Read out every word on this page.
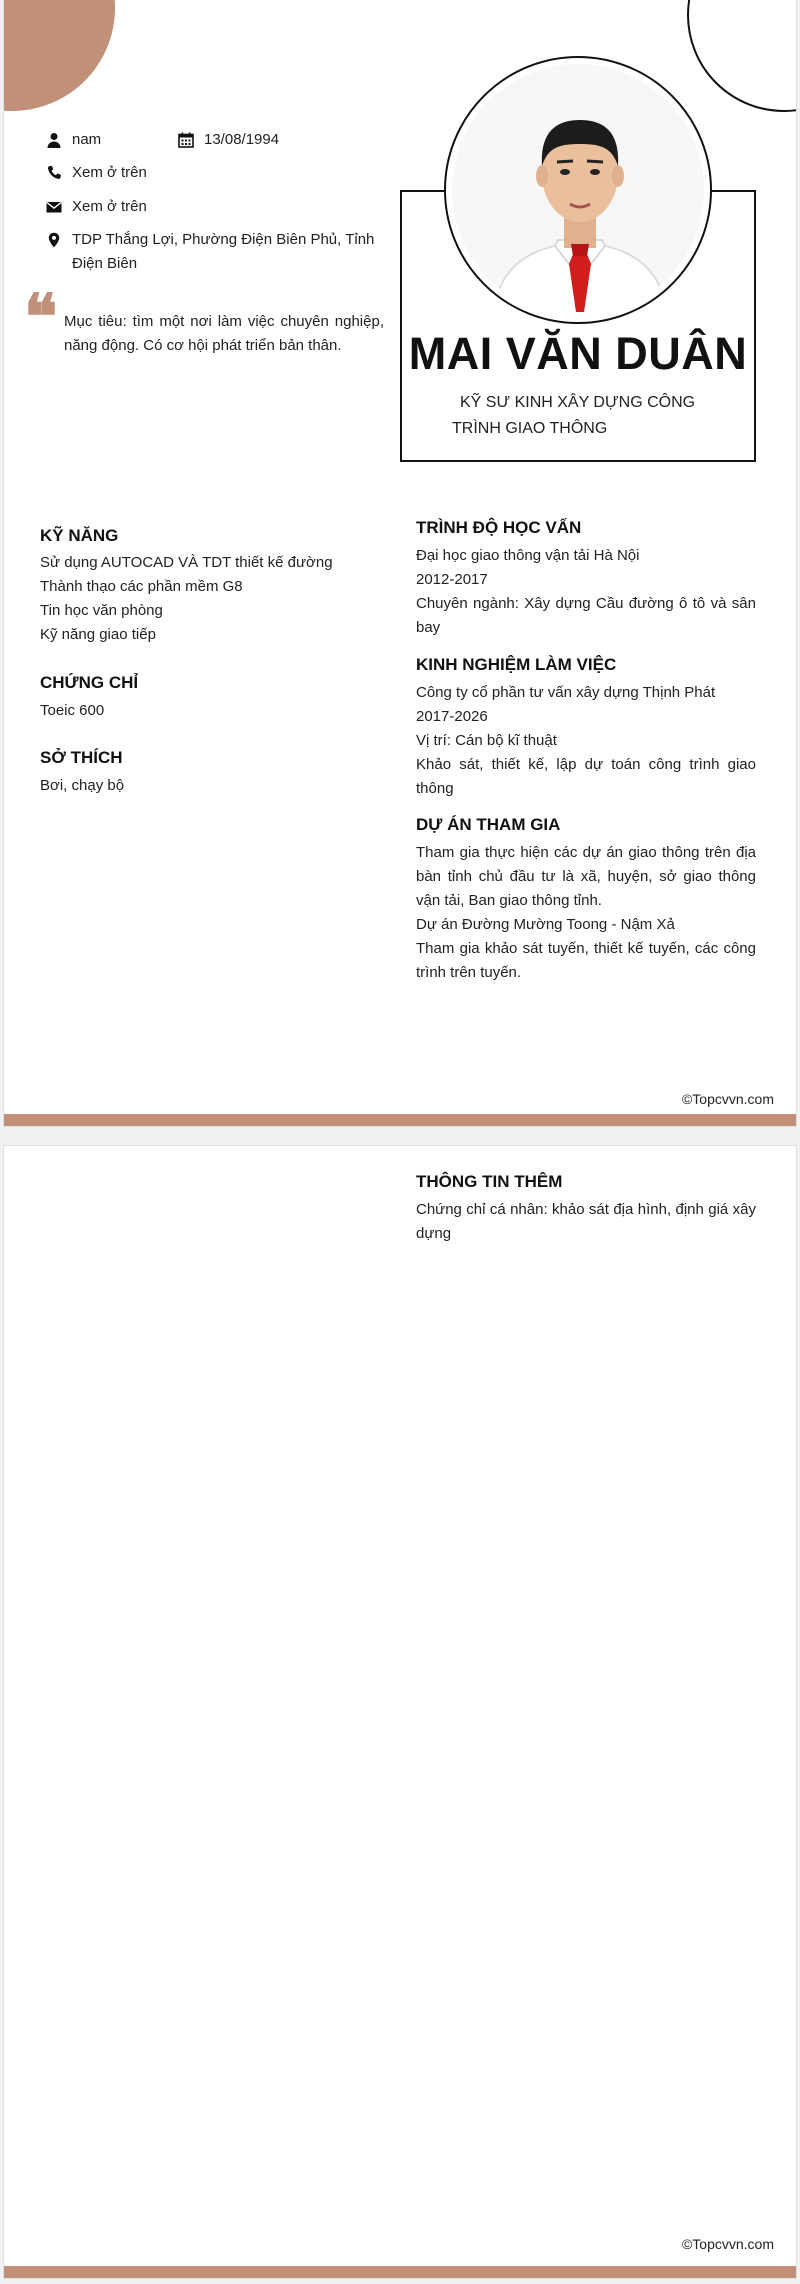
nam	13/08/1994
Xem ở trên
Xem ở trên
TDP Thắng Lợi, Phường Điện Biên Phủ, Tỉnh Điện Biên
❝ Mục tiêu: tìm một nơi làm việc chuyên nghiệp, năng động. Có cơ hội phát triển bản thân.	MAI VĂN DUÂN
KỸ SƯ KINH XÂY DỰNG CÔNG
TRÌNH GIAO THÔNG
KỸ NĂNG
Sử dụng AUTOCAD VÀ TDT thiết kế đường
Thành thạo các phần mềm G8
Tin học văn phòng
Kỹ năng giao tiếp
CHỨNG CHỈ
Toeic 600
SỞ THÍCH
Bơi, chạy bộ
TRÌNH ĐỘ HỌC VẤN
Đại học giao thông vận tải Hà Nội
2012-2017
Chuyên ngành: Xây dựng Cầu đường ô tô và sân bay
KINH NGHIỆM LÀM VIỆC
Công ty cổ phần tư vấn xây dựng Thịnh Phát
2017-2026
Vị trí: Cán bộ kĩ thuật
Khảo sát, thiết kế, lập dự toán công trình giao thông
DỰ ÁN THAM GIA
Tham gia thực hiện các dự án giao thông trên địa bàn tỉnh chủ đầu tư là xã, huyện, sở giao thông vận tải, Ban giao thông tỉnh.
Dự án Đường Mường Toong - Nậm Xả
Tham gia khảo sát tuyến, thiết kế tuyến, các công trình trên tuyến.
©Topcvvn.com
THÔNG TIN THÊM
Chứng chỉ cá nhân: khảo sát địa hình, định giá xây dựng
©Topcvvn.com
